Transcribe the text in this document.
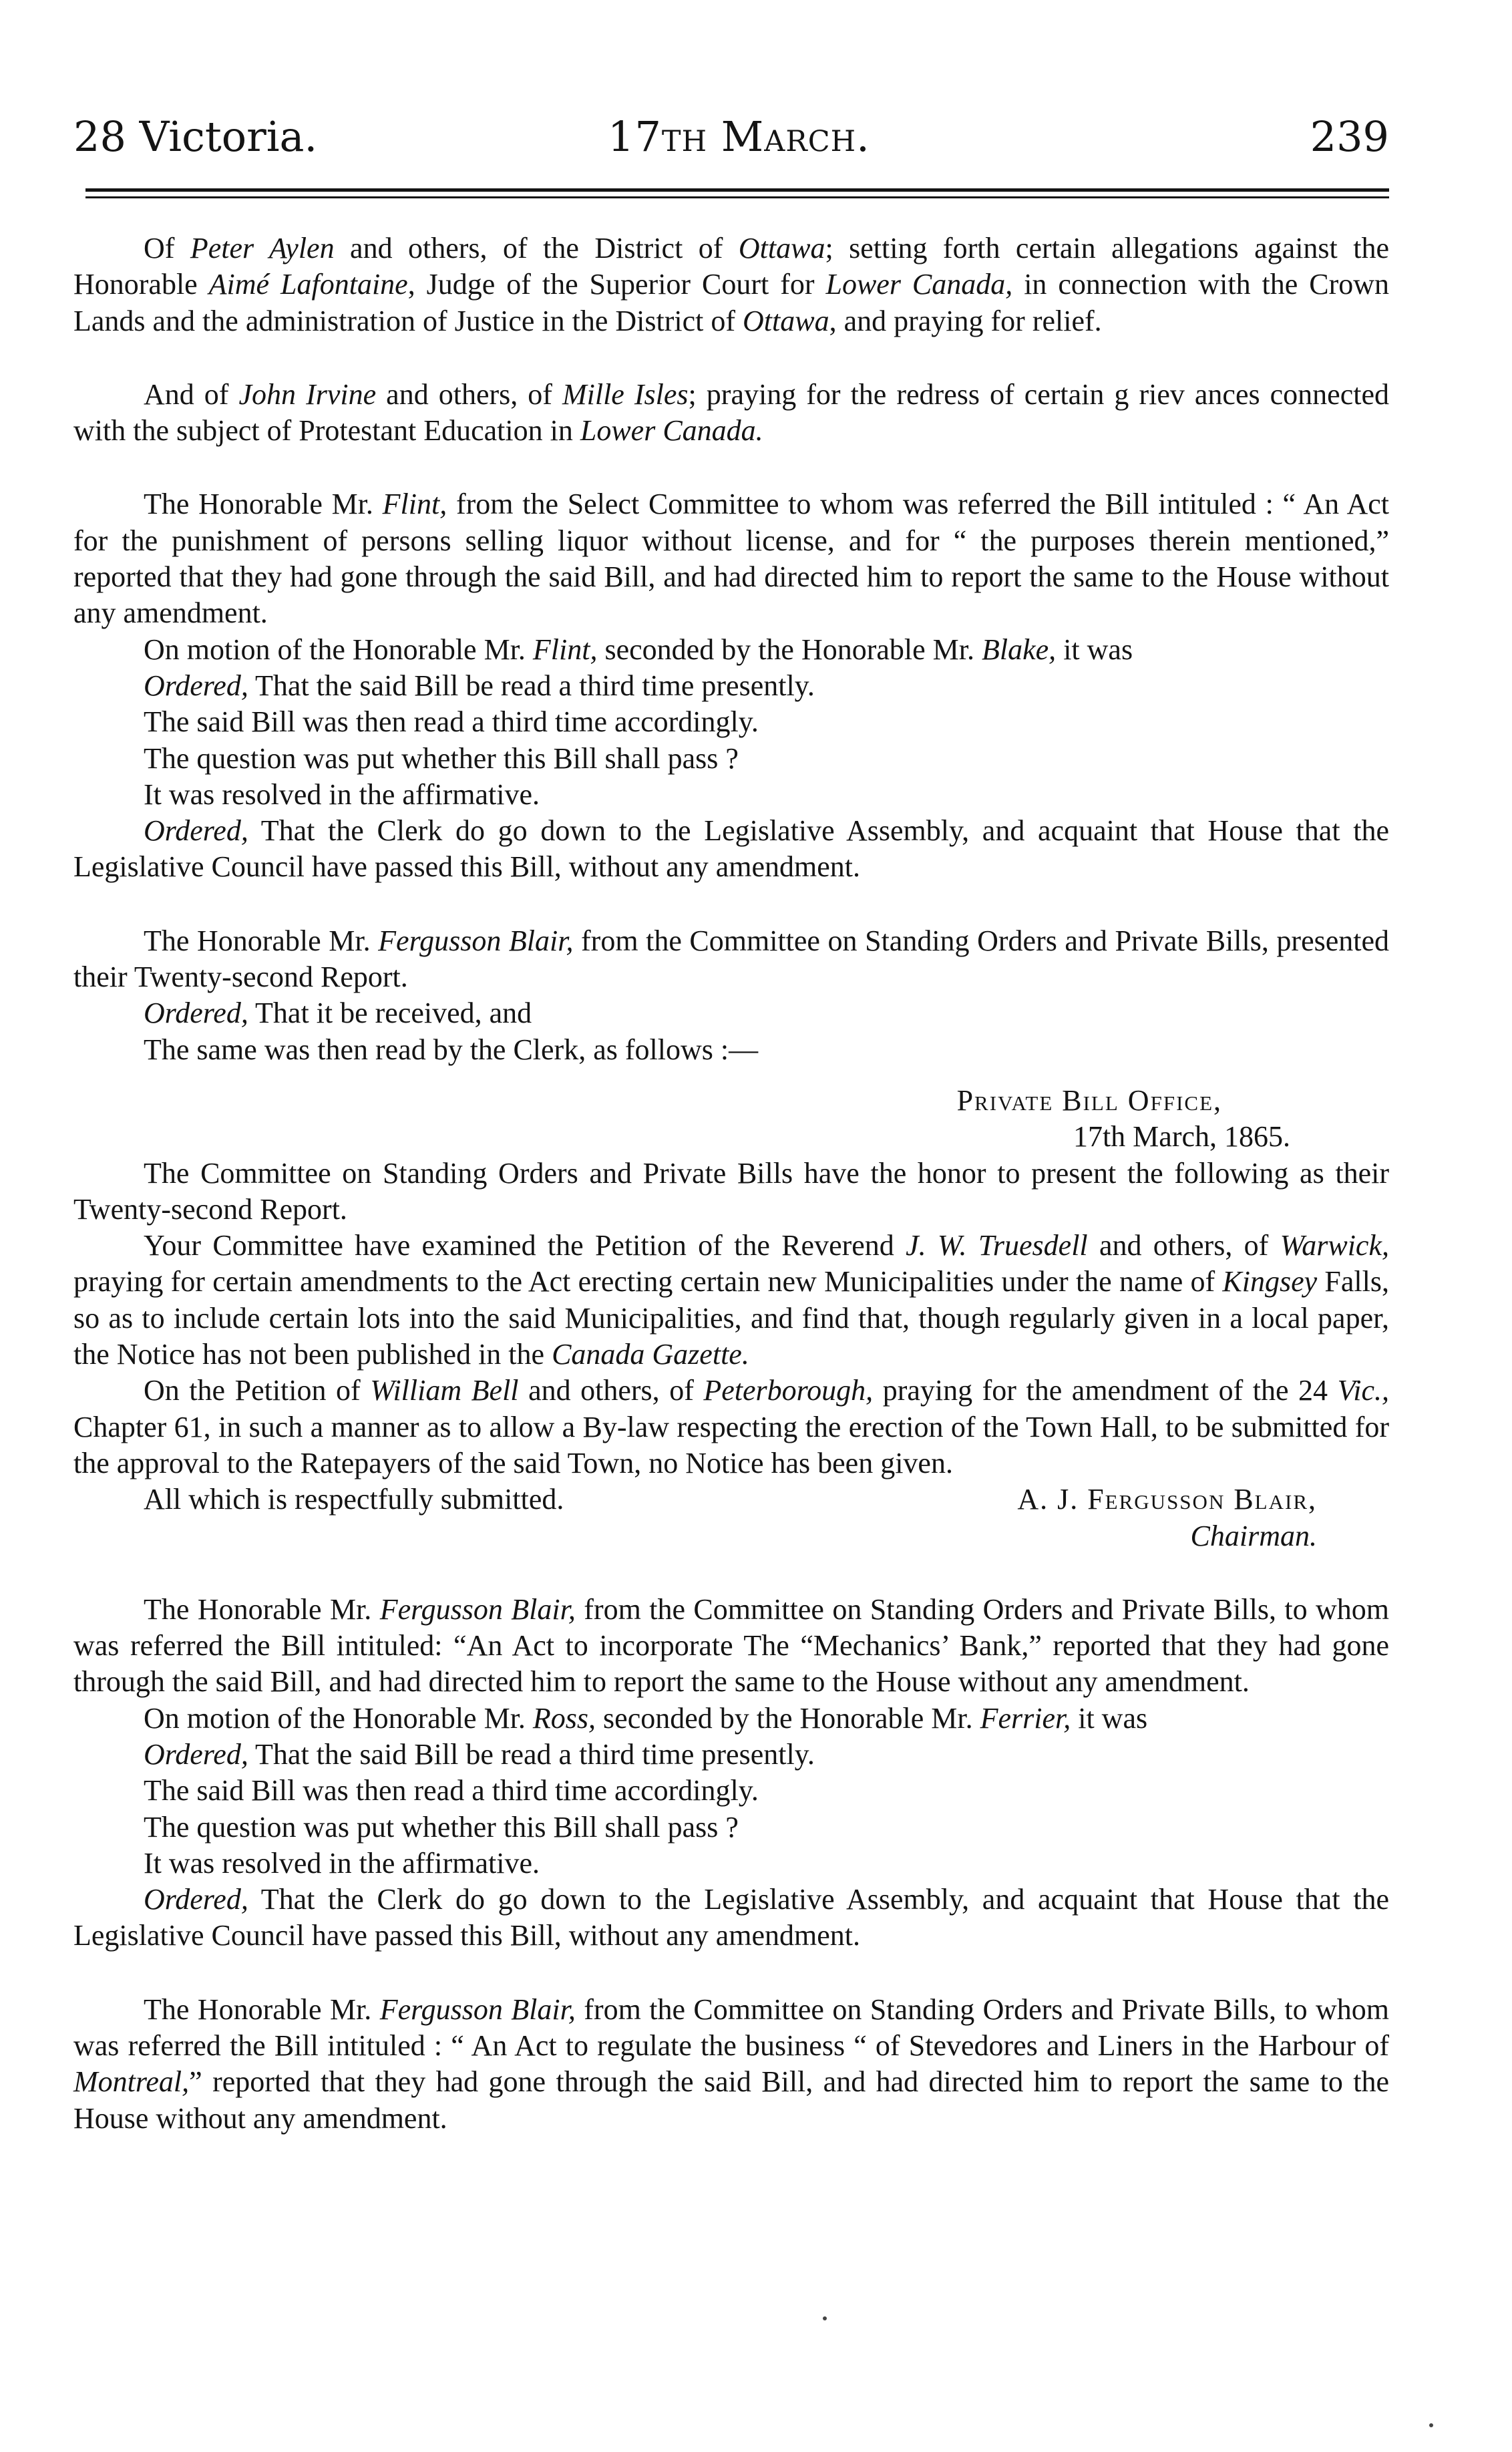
28 Victoria.	17th March.	239

Of Peter Aylen and others, of the District of Ottawa; setting forth certain allegations against the Honorable Aimé Lafontaine, Judge of the Superior Court for Lower Canada, in connection with the Crown Lands and the administration of Justice in the District of Ottawa, and praying for relief.

And of John Irvine and others, of Mille Isles; praying for the redress of certain g riev ances connected with the subject of Protestant Education in Lower Canada.

The Honorable Mr. Flint, from the Select Committee to whom was referred the Bill intituled : “ An Act for the punishment of persons selling liquor without license, and for “ the purposes therein mentioned,” reported that they had gone through the said Bill, and had directed him to report the same to the House without any amendment.

On motion of the Honorable Mr. Flint, seconded by the Honorable Mr. Blake, it was

Ordered, That the said Bill be read a third time presently.

The said Bill was then read a third time accordingly.

The question was put whether this Bill shall pass ?

It was resolved in the affirmative.

Ordered, That the Clerk do go down to the Legislative Assembly, and acquaint that House that the Legislative Council have passed this Bill, without any amendment.

The Honorable Mr. Fergusson Blair, from the Committee on Standing Orders and Private Bills, presented their Twenty-second Report.

Ordered, That it be received, and

The same was then read by the Clerk, as follows :—

Private Bill Office,

17th March, 1865.

The Committee on Standing Orders and Private Bills have the honor to present the following as their Twenty-second Report.

Your Committee have examined the Petition of the Reverend J. W. Truesdell and others, of Warwick, praying for certain amendments to the Act erecting certain new Municipalities under the name of Kingsey Falls, so as to include certain lots into the said Municipalities, and find that, though regularly given in a local paper, the Notice has not been published in the Canada Gazette.

On the Petition of William Bell and others, of Peterborough, praying for the amendment of the 24 Vic., Chapter 61, in such a manner as to allow a By-law respecting the erection of the Town Hall, to be submitted for the approval to the Ratepayers of the said Town, no Notice has been given.

All which is respectfully submitted.	A. J. Fergusson Blair,

Chairman.

The Honorable Mr. Fergusson Blair, from the Committee on Standing Orders and Private Bills, to whom was referred the Bill intituled: “An Act to incorporate The “Mechanics’ Bank,” reported that they had gone through the said Bill, and had directed him to report the same to the House without any amendment.

On motion of the Honorable Mr. Ross, seconded by the Honorable Mr. Ferrier, it was

Ordered, That the said Bill be read a third time presently.

The said Bill was then read a third time accordingly.

The question was put whether this Bill shall pass ?

It was resolved in the affirmative.

Ordered, That the Clerk do go down to the Legislative Assembly, and acquaint that House that the Legislative Council have passed this Bill, without any amendment.

The Honorable Mr. Fergusson Blair, from the Committee on Standing Orders and Private Bills, to whom was referred the Bill intituled : “ An Act to regulate the business “ of Stevedores and Liners in the Harbour of Montreal,” reported that they had gone through the said Bill, and had directed him to report the same to the House without any amendment.
